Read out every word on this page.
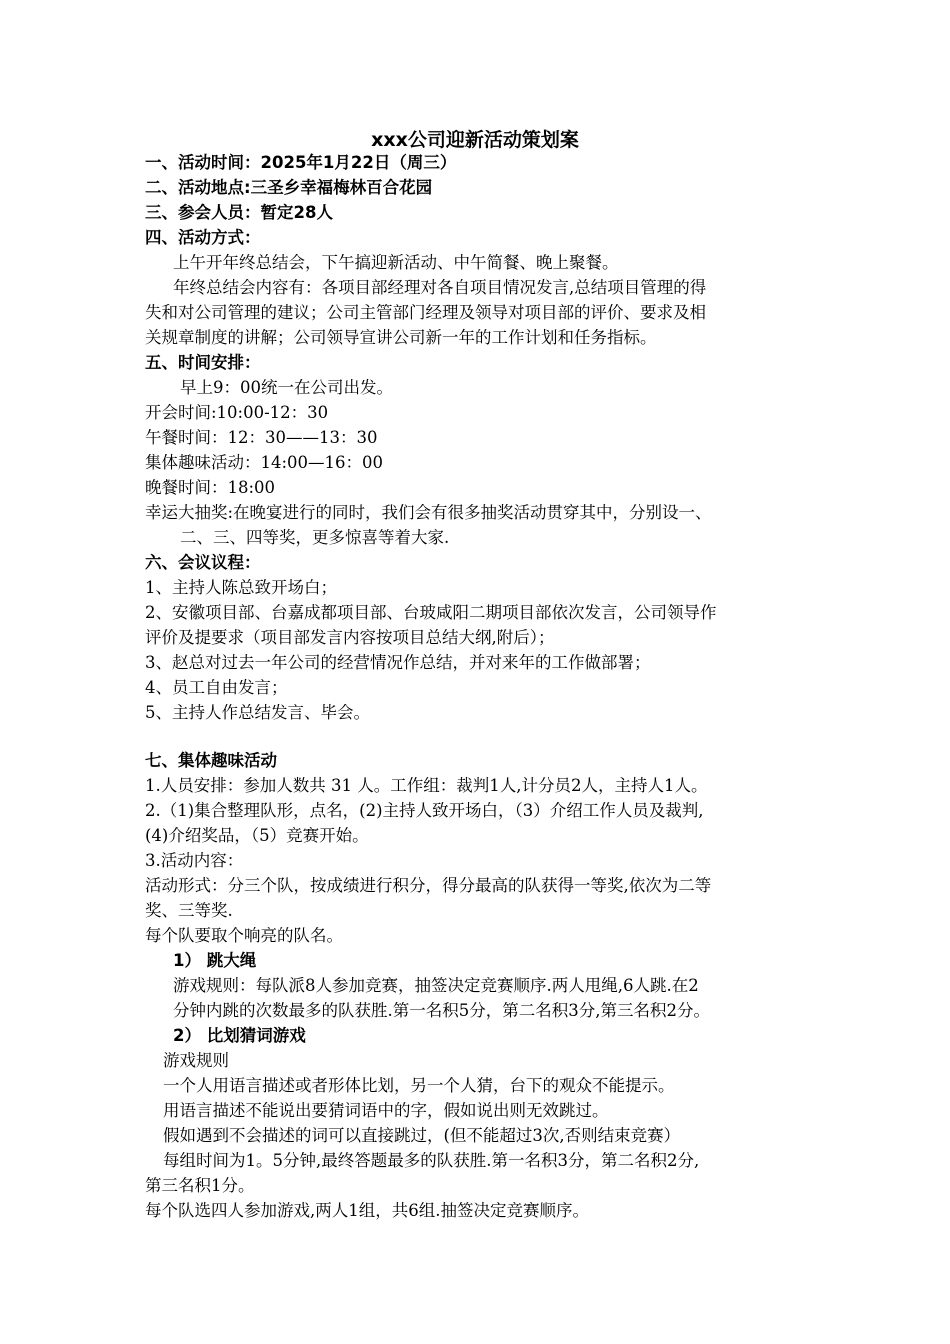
xxx公司迎新活动策划案
一、活动时间：2025年1月22日（周三）
二、活动地点:三圣乡幸福梅林百合花园
三、参会人员：暂定28人
四、活动方式：
上午开年终总结会，下午搞迎新活动、中午简餐、晚上聚餐。
年终总结会内容有：各项目部经理对各自项目情况发言,总结项目管理的得
失和对公司管理的建议；公司主管部门经理及领导对项目部的评价、要求及相
关规章制度的讲解；公司领导宣讲公司新一年的工作计划和任务指标。
五、时间安排：
早上9：00统一在公司出发。
开会时间:10:00-12：30
午餐时间：12：30——13：30
集体趣味活动：14:00—16：00
晚餐时间：18:00
幸运大抽奖:在晚宴进行的同时，我们会有很多抽奖活动贯穿其中，分别设一、
二、三、四等奖，更多惊喜等着大家.
六、会议议程：
1、主持人陈总致开场白；
2、安徽项目部、台嘉成都项目部、台玻咸阳二期项目部依次发言，公司领导作
评价及提要求（项目部发言内容按项目总结大纲,附后）；
3、赵总对过去一年公司的经营情况作总结，并对来年的工作做部署；
4、员工自由发言；
5、主持人作总结发言、毕会。
七、集体趣味活动
1.人员安排：参加人数共 31 人。工作组：裁判1人,计分员2人，主持人1人。
2.（1)集合整理队形，点名，(2)主持人致开场白，（3）介绍工作人员及裁判,
(4)介绍奖品，（5）竞赛开始。
3.活动内容：
活动形式：分三个队，按成绩进行积分，得分最高的队获得一等奖,依次为二等
奖、三等奖.
每个队要取个响亮的队名。
1） 跳大绳
游戏规则：每队派8人参加竞赛，抽签决定竞赛顺序.两人甩绳,6人跳.在2
分钟内跳的次数最多的队获胜.第一名积5分，第二名积3分,第三名积2分。
2） 比划猜词游戏
游戏规则
一个人用语言描述或者形体比划，另一个人猜，台下的观众不能提示。
用语言描述不能说出要猜词语中的字，假如说出则无效跳过。
假如遇到不会描述的词可以直接跳过，(但不能超过3次,否则结束竞赛）
每组时间为1。5分钟,最终答题最多的队获胜.第一名积3分，第二名积2分,
第三名积1分。
每个队选四人参加游戏,两人1组，共6组.抽签决定竞赛顺序。
